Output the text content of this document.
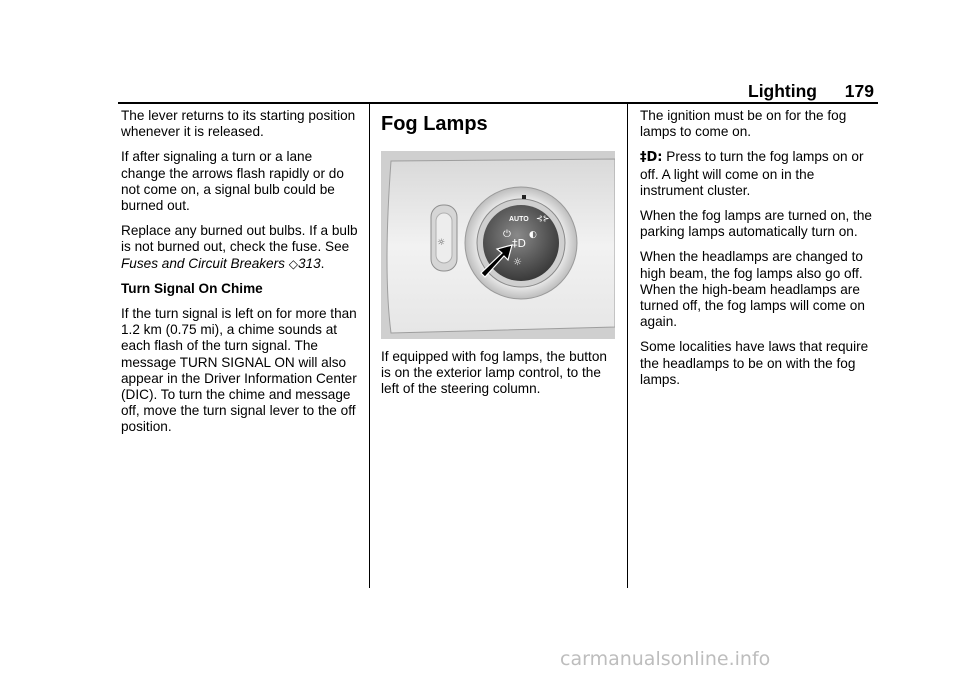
Lighting 179

The lever returns to its starting position whenever it is released.

If after signaling a turn or a lane change the arrows flash rapidly or do not come on, a signal bulb could be burned out.

Replace any burned out bulbs. If a bulb is not burned out, check the fuse. See Fuses and Circuit Breakers ◇313.

Turn Signal On Chime

If the turn signal is left on for more than 1.2 km (0.75 mi), a chime sounds at each flash of the turn signal. The message TURN SIGNAL ON will also appear in the Driver Information Center (DIC). To turn the chime and message off, move the turn signal lever to the off position.

Fog Lamps
☼
AUTO ⊰⊱
⏻ ◐
‡D
☼

If equipped with fog lamps, the button is on the exterior lamp control, to the left of the steering column.

The ignition must be on for the fog lamps to come on.

‡D: Press to turn the fog lamps on or off. A light will come on in the instrument cluster.

When the fog lamps are turned on, the parking lamps automatically turn on.

When the headlamps are changed to high beam, the fog lamps also go off. When the high-beam headlamps are turned off, the fog lamps will come on again.

Some localities have laws that require the headlamps to be on with the fog lamps.

carmanualsonline.info
